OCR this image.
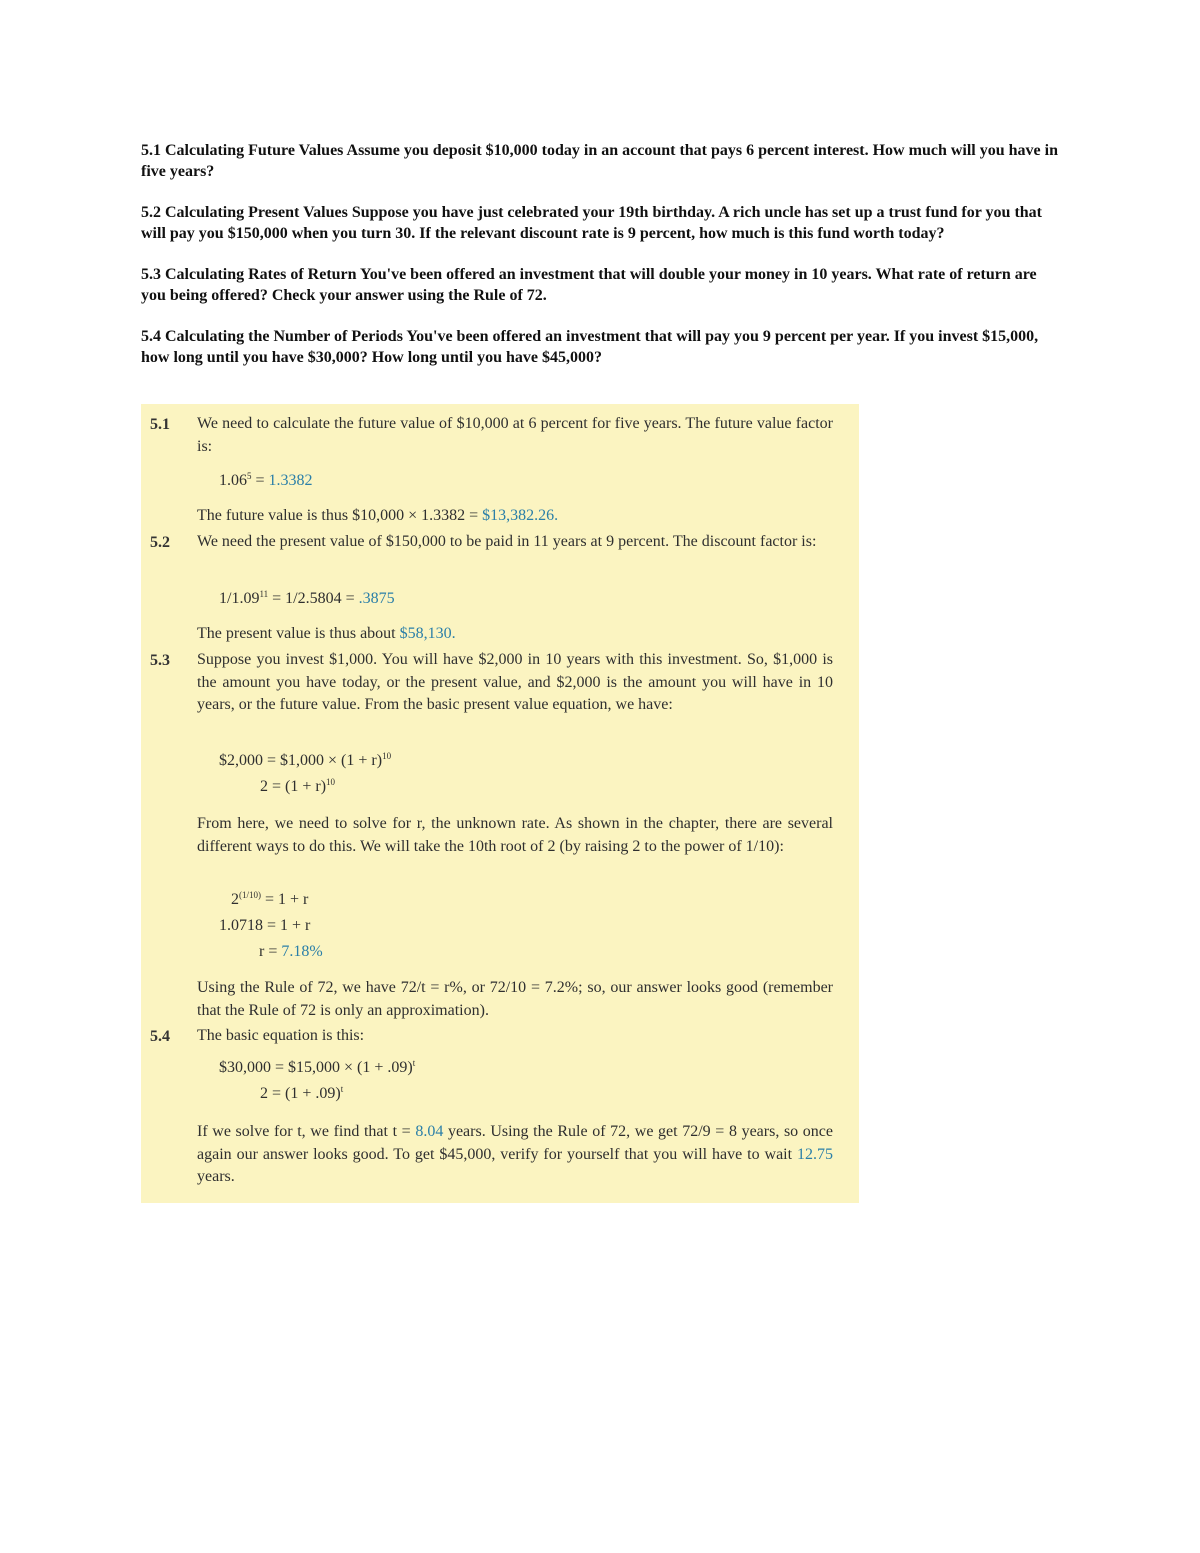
5.1 Calculating Future Values Assume you deposit $10,000 today in an account that pays 6 percent interest. How much will you have in five years?

5.2 Calculating Present Values Suppose you have just celebrated your 19th birthday. A rich uncle has set up a trust fund for you that will pay you $150,000 when you turn 30. If the relevant discount rate is 9 percent, how much is this fund worth today?

5.3 Calculating Rates of Return You've been offered an investment that will double your money in 10 years. What rate of return are you being offered? Check your answer using the Rule of 72.

5.4 Calculating the Number of Periods You've been offered an investment that will pay you 9 percent per year. If you invest $15,000, how long until you have $30,000? How long until you have $45,000?

5.1 We need to calculate the future value of $10,000 at 6 percent for five years. The future value factor is:
$1.06^5 = 1.3382$
The future value is thus $10,000 × 1.3382 = $13,382.26.
5.2 We need the present value of $150,000 to be paid in 11 years at 9 percent. The discount factor is:
$1/1.09^{11} = 1/2.5804 = .3875$
The present value is thus about $58,130.
5.3 Suppose you invest $1,000. You will have $2,000 in 10 years with this investment. So, $1,000 is the amount you have today, or the present value, and $2,000 is the amount you will have in 10 years, or the future value. From the basic present value equation, we have:
$2,000 = $1,000 × $(1 + r)^{10}$
$2 = (1 + r)^{10}$
From here, we need to solve for r, the unknown rate. As shown in the chapter, there are several different ways to do this. We will take the 10th root of 2 (by raising 2 to the power of 1/10):
$2^{(1/10)} = 1 + r$
1.0718 = 1 + r
r = 7.18%
Using the Rule of 72, we have 72/t = r%, or 72/10 = 7.2%; so, our answer looks good (remember that the Rule of 72 is only an approximation).
5.4 The basic equation is this:
$30,000 = $15,000 × $(1 + .09)^t$
$2 = (1 + .09)^t$
If we solve for t, we find that t = 8.04 years. Using the Rule of 72, we get 72/9 = 8 years, so once again our answer looks good. To get $45,000, verify for yourself that you will have to wait 12.75 years.
